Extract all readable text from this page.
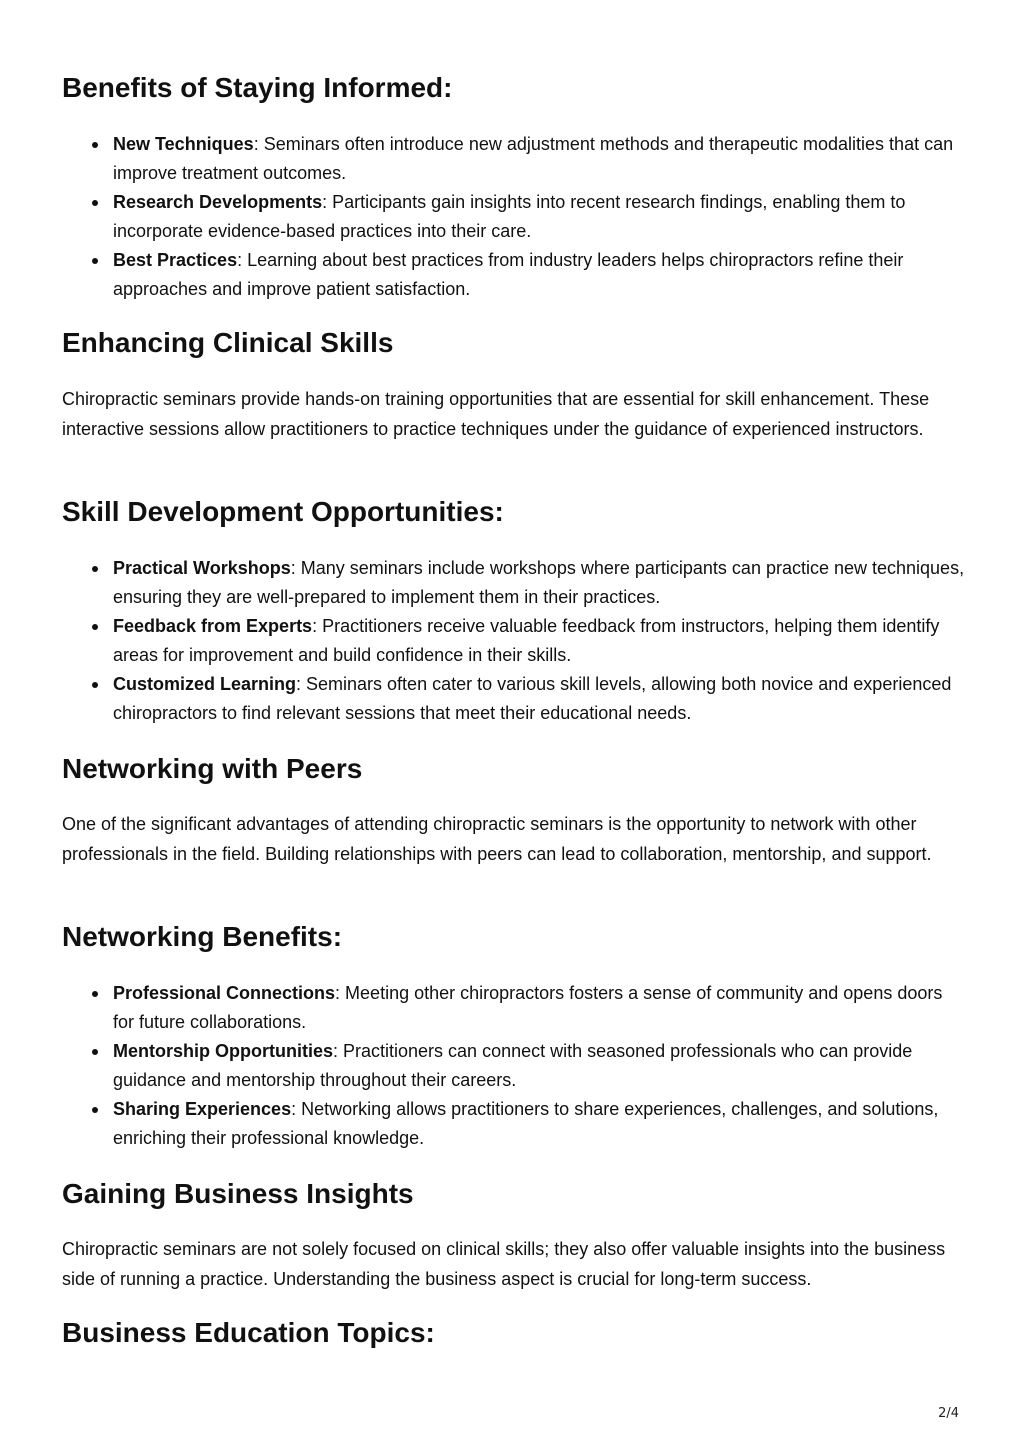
Benefits of Staying Informed:
New Techniques: Seminars often introduce new adjustment methods and therapeutic modalities that can improve treatment outcomes.
Research Developments: Participants gain insights into recent research findings, enabling them to incorporate evidence-based practices into their care.
Best Practices: Learning about best practices from industry leaders helps chiropractors refine their approaches and improve patient satisfaction.
Enhancing Clinical Skills

Chiropractic seminars provide hands-on training opportunities that are essential for skill enhancement. These interactive sessions allow practitioners to practice techniques under the guidance of experienced instructors.

Skill Development Opportunities:
Practical Workshops: Many seminars include workshops where participants can practice new techniques, ensuring they are well-prepared to implement them in their practices.
Feedback from Experts: Practitioners receive valuable feedback from instructors, helping them identify areas for improvement and build confidence in their skills.
Customized Learning: Seminars often cater to various skill levels, allowing both novice and experienced chiropractors to find relevant sessions that meet their educational needs.
Networking with Peers

One of the significant advantages of attending chiropractic seminars is the opportunity to network with other professionals in the field. Building relationships with peers can lead to collaboration, mentorship, and support.

Networking Benefits:
Professional Connections: Meeting other chiropractors fosters a sense of community and opens doors for future collaborations.
Mentorship Opportunities: Practitioners can connect with seasoned professionals who can provide guidance and mentorship throughout their careers.
Sharing Experiences: Networking allows practitioners to share experiences, challenges, and solutions, enriching their professional knowledge.
Gaining Business Insights

Chiropractic seminars are not solely focused on clinical skills; they also offer valuable insights into the business side of running a practice. Understanding the business aspect is crucial for long-term success.

Business Education Topics:
2/4
